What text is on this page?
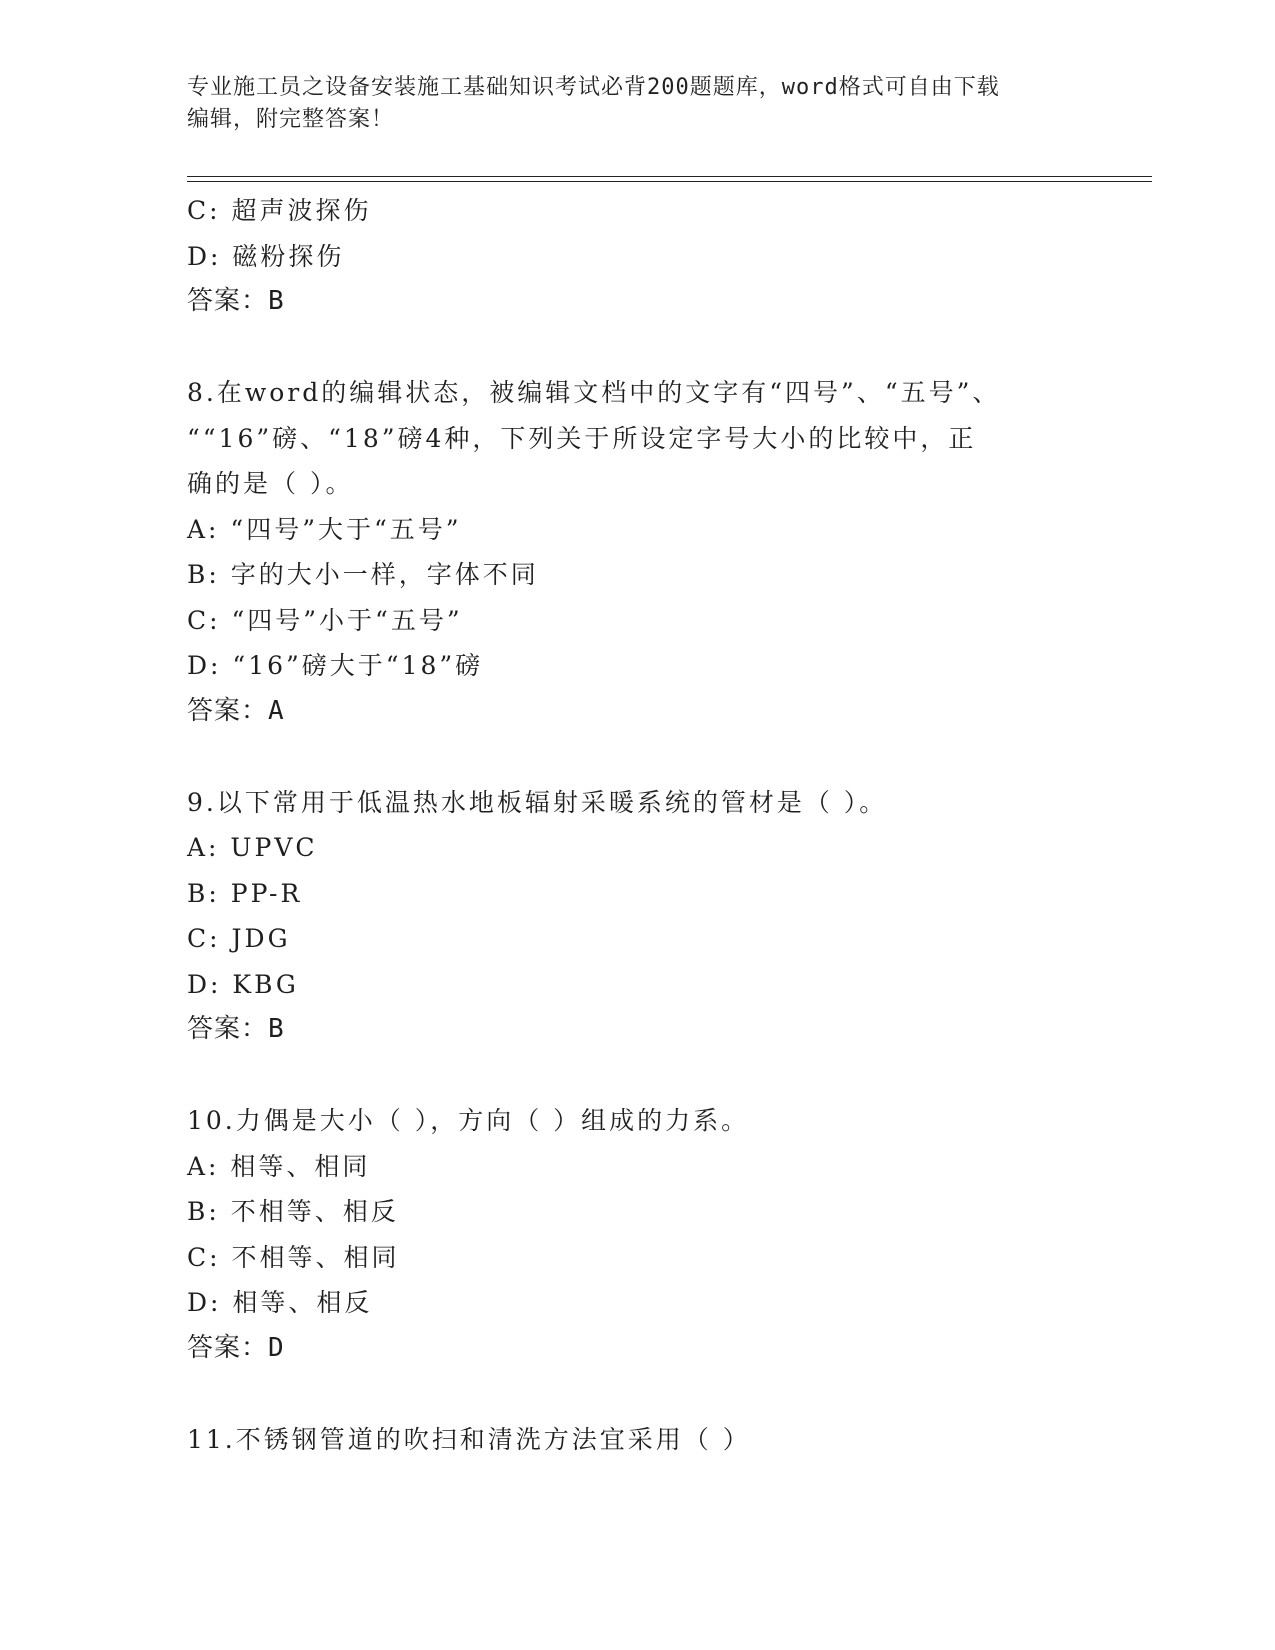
专业施工员之设备安装施工基础知识考试必背200题题库，word格式可自由下载
编辑，附完整答案！
C: 超声波探伤
D: 磁粉探伤
答案：B
8.在word的编辑状态，被编辑文档中的文字有“四号”、“五号”、
““16”磅、“18”磅4种，下列关于所设定字号大小的比较中，正
确的是（ ）。
A: “四号”大于“五号”
B: 字的大小一样，字体不同
C: “四号”小于“五号”
D: “16”磅大于“18”磅
答案：A
9.以下常用于低温热水地板辐射采暖系统的管材是（ ）。
A: UPVC
B: PP-R
C: JDG
D: KBG
答案：B
10.力偶是大小（ ），方向（ ）组成的力系。
A: 相等、相同
B: 不相等、相反
C: 不相等、相同
D: 相等、相反
答案：D
11.不锈钢管道的吹扫和清洗方法宜采用（ ）
